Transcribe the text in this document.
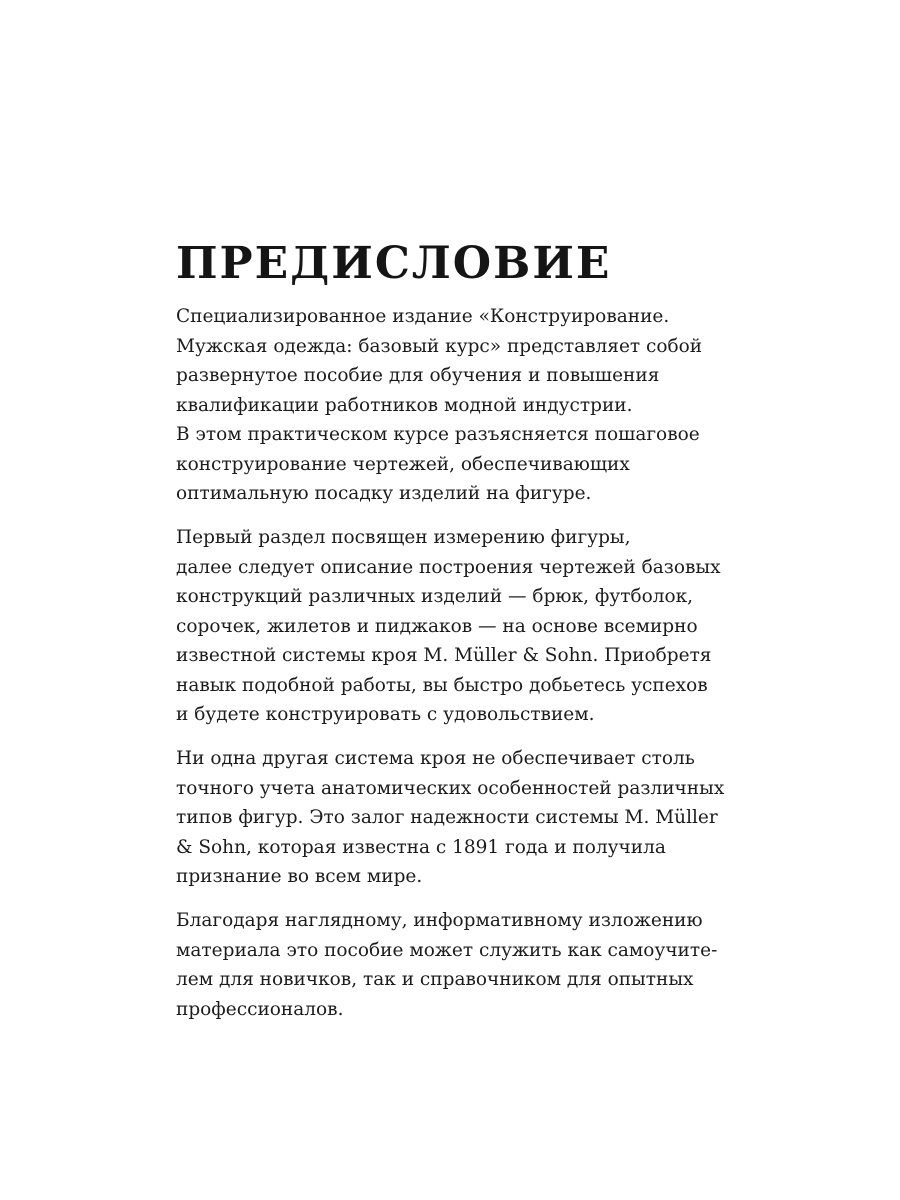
ПРЕДИСЛОВИЕ

Специализированное издание «Конструирование.
Мужская одежда: базовый курс» представляет собой
развернутое пособие для обучения и повышения
квалификации работников модной индустрии.
В этом практическом курсе разъясняется пошаговое
конструирование чертежей, обеспечивающих
оптимальную посадку изделий на фигуре.

Первый раздел посвящен измерению фигуры,
далее следует описание построения чертежей базовых
конструкций различных изделий — брюк, футболок,
сорочек, жилетов и пиджаков — на основе всемирно
известной системы кроя M. Müller & Sohn. Приобретя
навык подобной работы, вы быстро добьетесь успехов
и будете конструировать с удовольствием.

Ни одна другая система кроя не обеспечивает столь
точного учета анатомических особенностей различных
типов фигур. Это залог надежности системы M. Müller
& Sohn, которая известна с 1891 года и получила
признание во всем мире.

Благодаря наглядному, информативному изложению
материала это пособие может служить как самоучите-
лем для новичков, так и справочником для опытных
профессионалов.
